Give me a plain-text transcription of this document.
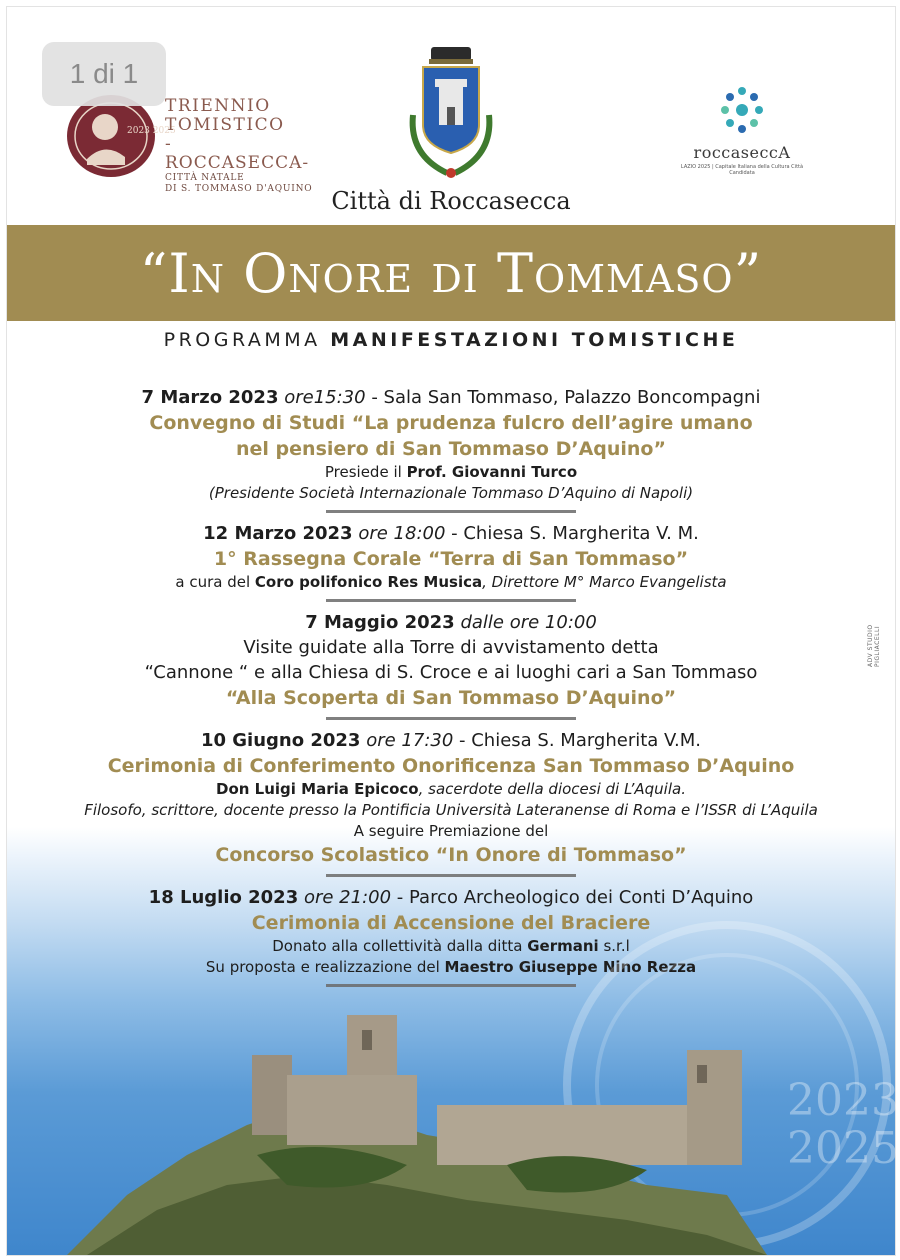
2023 2025
TRIENNIO
TOMISTICO
-ROCCASECCA-
CITTÀ NATALE
DI S. TOMMASO D'AQUINO Città di Roccasecca
roccaseccA
LAZIO 2025 | Capitale Italiana della Cultura Città Candidata
“In Onore di Tommaso”
PROGRAMMA MANIFESTAZIONI TOMISTICHE
7 Marzo 2023 ore15:30 - Sala San Tommaso, Palazzo Boncompagni
Convegno di Studi “La prudenza fulcro dell’agire umano
nel pensiero di San Tommaso D’Aquino”
Presiede il Prof. Giovanni Turco
(Presidente Società Internazionale Tommaso D’Aquino di Napoli)
12 Marzo 2023 ore 18:00 - Chiesa S. Margherita V. M.
1° Rassegna Corale “Terra di San Tommaso”
a cura del Coro polifonico Res Musica, Direttore M° Marco Evangelista
7 Maggio 2023 dalle ore 10:00
Visite guidate alla Torre di avvistamento detta
“Cannone “ e alla Chiesa di S. Croce e ai luoghi cari a San Tommaso
“Alla Scoperta di San Tommaso D’Aquino”
10 Giugno 2023 ore 17:30 - Chiesa S. Margherita V.M.
Cerimonia di Conferimento Onorificenza San Tommaso D’Aquino
Don Luigi Maria Epicoco, sacerdote della diocesi di L’Aquila.
Filosofo, scrittore, docente presso la Pontificia Università Lateranense di Roma e l’ISSR di L’Aquila
A seguire Premiazione del
Concorso Scolastico “In Onore di Tommaso”
18 Luglio 2023 ore 21:00 - Parco Archeologico dei Conti D’Aquino
Cerimonia di Accensione del Braciere
Donato alla collettività dalla ditta Germani s.r.l
Su proposta e realizzazione del Maestro Giuseppe Nino Rezza
ADV STUDIO PIGLIACELLI
2023
2025
1 di 1
